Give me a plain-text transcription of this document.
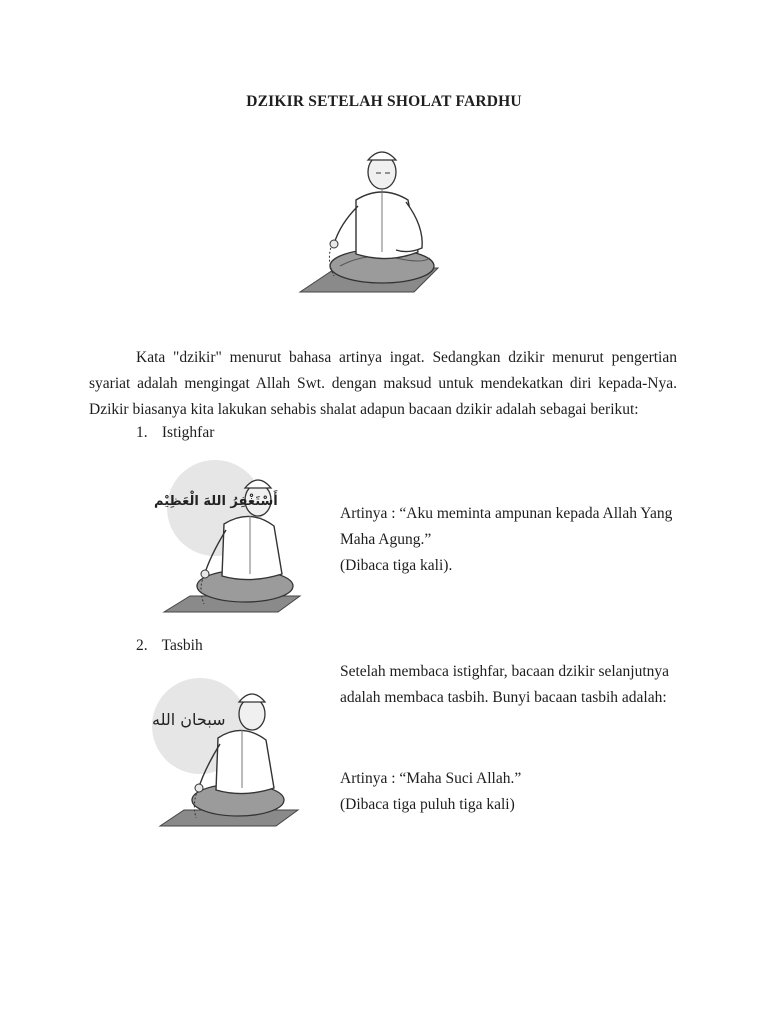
DZIKIR SETELAH SHOLAT FARDHU

Kata "dzikir" menurut bahasa artinya ingat. Sedangkan dzikir menurut pengertian syariat adalah mengingat Allah Swt. dengan maksud untuk mendekatkan diri kepada-Nya. Dzikir biasanya kita lakukan sehabis shalat adapun bacaan dzikir adalah sebagai berikut:

1. Istighfar
أَسْتَغْفِرُ اللهَ الْعَظِيْم
Artinya : “Aku meminta ampunan kepada Allah Yang
Maha Agung.”
(Dibaca tiga kali).
2. Tasbih
Setelah membaca istighfar, bacaan dzikir selanjutnya
adalah membaca tasbih. Bunyi bacaan tasbih adalah:
سبحان الله
Artinya : “Maha Suci Allah.”
(Dibaca tiga puluh tiga kali)
